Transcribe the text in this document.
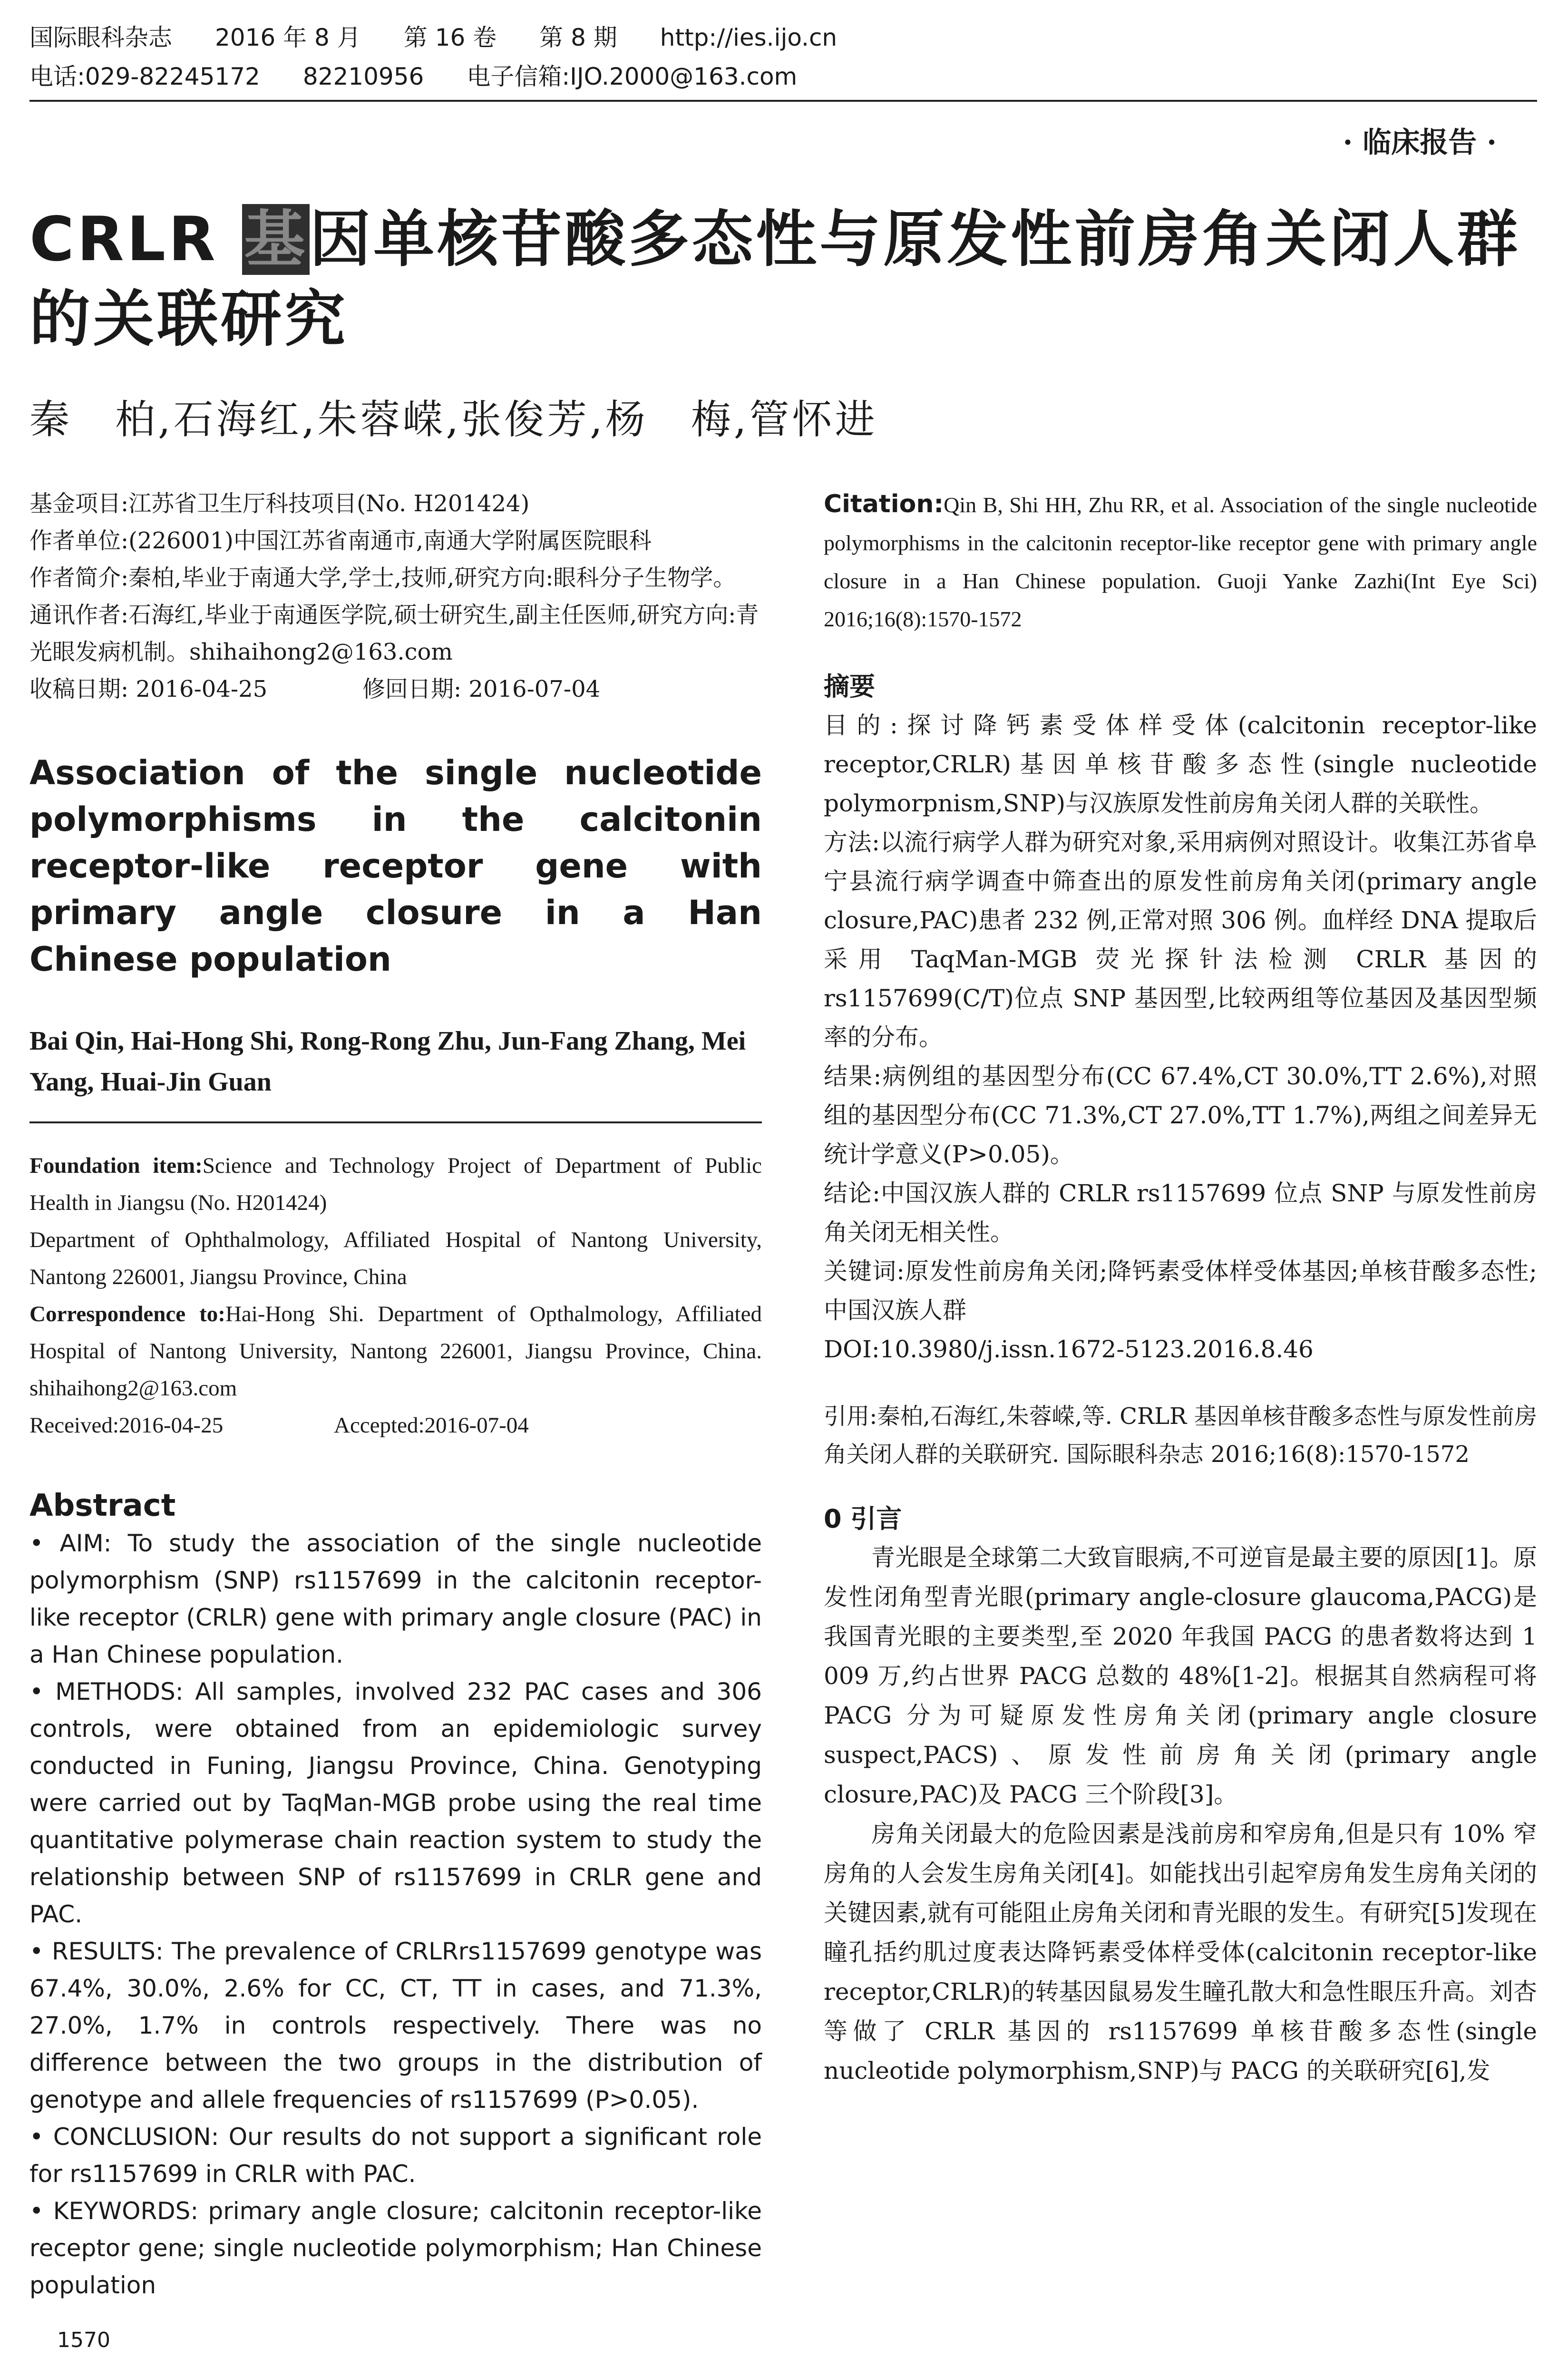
国际眼科杂志 2016 年 8 月 第 16 卷 第 8 期 http://ies.ijo.cn
电话:029-82245172 82210956 电子信箱:IJO.2000@163.com
· 临床报告 ·
CRLR 基因单核苷酸多态性与原发性前房角关闭人群的关联研究
秦　柏,石海红,朱蓉嵘,张俊芳,杨　梅,管怀进

基金项目:江苏省卫生厅科技项目(No. H201424)

作者单位:(226001)中国江苏省南通市,南通大学附属医院眼科

作者简介:秦柏,毕业于南通大学,学士,技师,研究方向:眼科分子生物学。

通讯作者:石海红,毕业于南通医学院,硕士研究生,副主任医师,研究方向:青光眼发病机制。shihaihong2@163.com

收稿日期: 2016-04-25	修回日期: 2016-07-04

Association of the single nucleotide polymorphisms in the calcitonin receptor-like receptor gene with primary angle closure in a Han Chinese population
Bai Qin, Hai-Hong Shi, Rong-Rong Zhu, Jun-Fang Zhang, Mei Yang, Huai-Jin Guan

Foundation item:Science and Technology Project of Department of Public Health in Jiangsu (No. H201424)

Department of Ophthalmology, Affiliated Hospital of Nantong University, Nantong 226001, Jiangsu Province, China

Correspondence to:Hai-Hong Shi. Department of Opthalmology, Affiliated Hospital of Nantong University, Nantong 226001, Jiangsu Province, China. shihaihong2@163.com

Received:2016-04-25	Accepted:2016-07-04

Abstract

• AIM: To study the association of the single nucleotide polymorphism (SNP) rs1157699 in the calcitonin receptor-like receptor (CRLR) gene with primary angle closure (PAC) in a Han Chinese population.

• METHODS: All samples, involved 232 PAC cases and 306 controls, were obtained from an epidemiologic survey conducted in Funing, Jiangsu Province, China. Genotyping were carried out by TaqMan-MGB probe using the real time quantitative polymerase chain reaction system to study the relationship between SNP of rs1157699 in CRLR gene and PAC.

• RESULTS: The prevalence of CRLRrs1157699 genotype was 67.4%, 30.0%, 2.6% for CC, CT, TT in cases, and 71.3%, 27.0%, 1.7% in controls respectively. There was no difference between the two groups in the distribution of genotype and allele frequencies of rs1157699 (P>0.05).

• CONCLUSION: Our results do not support a significant role for rs1157699 in CRLR with PAC.

• KEYWORDS: primary angle closure; calcitonin receptor-like receptor gene; single nucleotide polymorphism; Han Chinese population

Citation:Qin B, Shi HH, Zhu RR, et al. Association of the single nucleotide polymorphisms in the calcitonin receptor-like receptor gene with primary angle closure in a Han Chinese population. Guoji Yanke Zazhi(Int Eye Sci) 2016;16(8):1570-1572
摘要

目的:探讨降钙素受体样受体(calcitonin receptor-like receptor,CRLR)基因单核苷酸多态性(single nucleotide polymorpnism,SNP)与汉族原发性前房角关闭人群的关联性。

方法:以流行病学人群为研究对象,采用病例对照设计。收集江苏省阜宁县流行病学调查中筛查出的原发性前房角关闭(primary angle closure,PAC)患者 232 例,正常对照 306 例。血样经 DNA 提取后采用 TaqMan-MGB 荧光探针法检测 CRLR 基因的 rs1157699(C/T)位点 SNP 基因型,比较两组等位基因及基因型频率的分布。

结果:病例组的基因型分布(CC 67.4%,CT 30.0%,TT 2.6%),对照组的基因型分布(CC 71.3%,CT 27.0%,TT 1.7%),两组之间差异无统计学意义(P>0.05)。

结论:中国汉族人群的 CRLR rs1157699 位点 SNP 与原发性前房角关闭无相关性。

关键词:原发性前房角关闭;降钙素受体样受体基因;单核苷酸多态性;中国汉族人群

DOI:10.3980/j.issn.1672-5123.2016.8.46

引用:秦柏,石海红,朱蓉嵘,等. CRLR 基因单核苷酸多态性与原发性前房角关闭人群的关联研究. 国际眼科杂志 2016;16(8):1570-1572
0 引言

青光眼是全球第二大致盲眼病,不可逆盲是最主要的原因[1]。原发性闭角型青光眼(primary angle-closure glaucoma,PACG)是我国青光眼的主要类型,至 2020 年我国 PACG 的患者数将达到 1 009 万,约占世界 PACG 总数的 48%[1-2]。根据其自然病程可将 PACG 分为可疑原发性房角关闭(primary angle closure suspect,PACS)、原发性前房角关闭(primary angle closure,PAC)及 PACG 三个阶段[3]。

房角关闭最大的危险因素是浅前房和窄房角,但是只有 10% 窄房角的人会发生房角关闭[4]。如能找出引起窄房角发生房角关闭的关键因素,就有可能阻止房角关闭和青光眼的发生。有研究[5]发现在瞳孔括约肌过度表达降钙素受体样受体(calcitonin receptor-like receptor,CRLR)的转基因鼠易发生瞳孔散大和急性眼压升高。刘杏等做了 CRLR 基因的 rs1157699 单核苷酸多态性(single nucleotide polymorphism,SNP)与 PACG 的关联研究[6],发

1570
